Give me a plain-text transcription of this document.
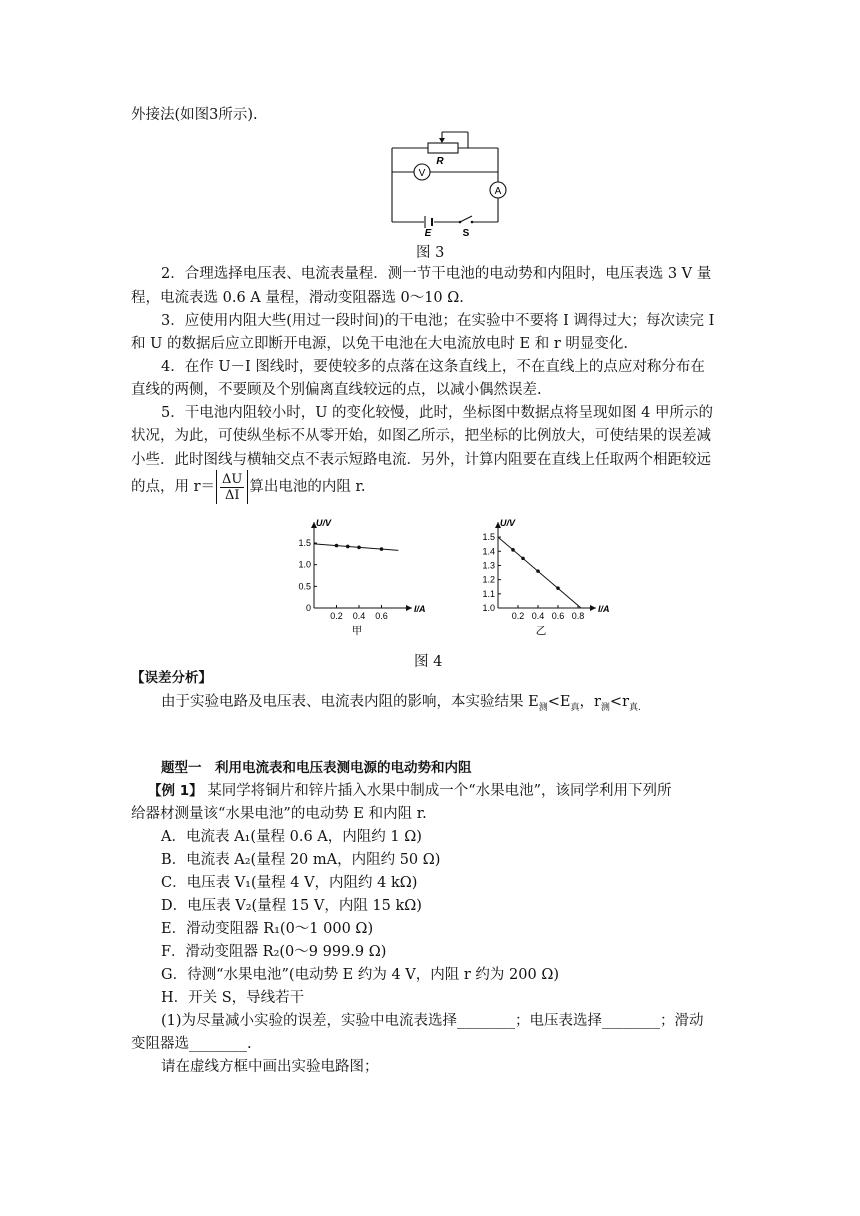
外接法(如图3所示).
R
V
A
E	S
图 3
2．合理选择电压表、电流表量程．测一节干电池的电动势和内阻时，电压表选 3 V 量
程，电流表选 0.6 A 量程，滑动变阻器选 0～10 Ω.
3．应使用内阻大些(用过一段时间)的干电池；在实验中不要将 I 调得过大；每次读完 I
和 U 的数据后应立即断开电源，以免干电池在大电流放电时 E 和 r 明显变化.
4．在作 U－I 图线时，要使较多的点落在这条直线上，不在直线上的点应对称分布在
直线的两侧，不要顾及个别偏离直线较远的点，以减小偶然误差.
5．干电池内阻较小时，U 的变化较慢，此时，坐标图中数据点将呈现如图 4 甲所示的
状况，为此，可使纵坐标不从零开始，如图乙所示，把坐标的比例放大，可使结果的误差减
小些．此时图线与横轴交点不表示短路电流．另外，计算内阻要在直线上任取两个相距较远
的点，用 $r= \frac{\Delta U}{\Delta I}$ 算出电池的内阻 r.
U/V
I/A
0
0.5
1.0
1.5
0.2 0.4 0.6
甲
U/V
I/A
1.0
1.1
1.2
1.3
1.4
1.5
0.2 0.4 0.6 0.8
乙
图 4
【误差分析】
由于实验电路及电压表、电流表内阻的影响，本实验结果 $E_测<E_真$，$r_测<r_{真.}$
题型一　利用电流表和电压表测电源的电动势和内阻
【例 1】 某同学将铜片和锌片插入水果中制成一个“水果电池”，该同学利用下列所
给器材测量该“水果电池”的电动势 E 和内阻 r.
A．电流表 A₁(量程 0.6 A，内阻约 1 Ω)
B．电流表 A₂(量程 20 mA，内阻约 50 Ω)
C．电压表 V₁(量程 4 V，内阻约 4 kΩ)
D．电压表 V₂(量程 15 V，内阻 15 kΩ)
E．滑动变阻器 R₁(0～1 000 Ω)
F．滑动变阻器 R₂(0～9 999.9 Ω)
G．待测“水果电池”(电动势 E 约为 4 V，内阻 r 约为 200 Ω)
H．开关 S，导线若干
(1)为尽量减小实验的误差，实验中电流表选择________；电压表选择________；滑动
变阻器选________.
请在虚线方框中画出实验电路图；
